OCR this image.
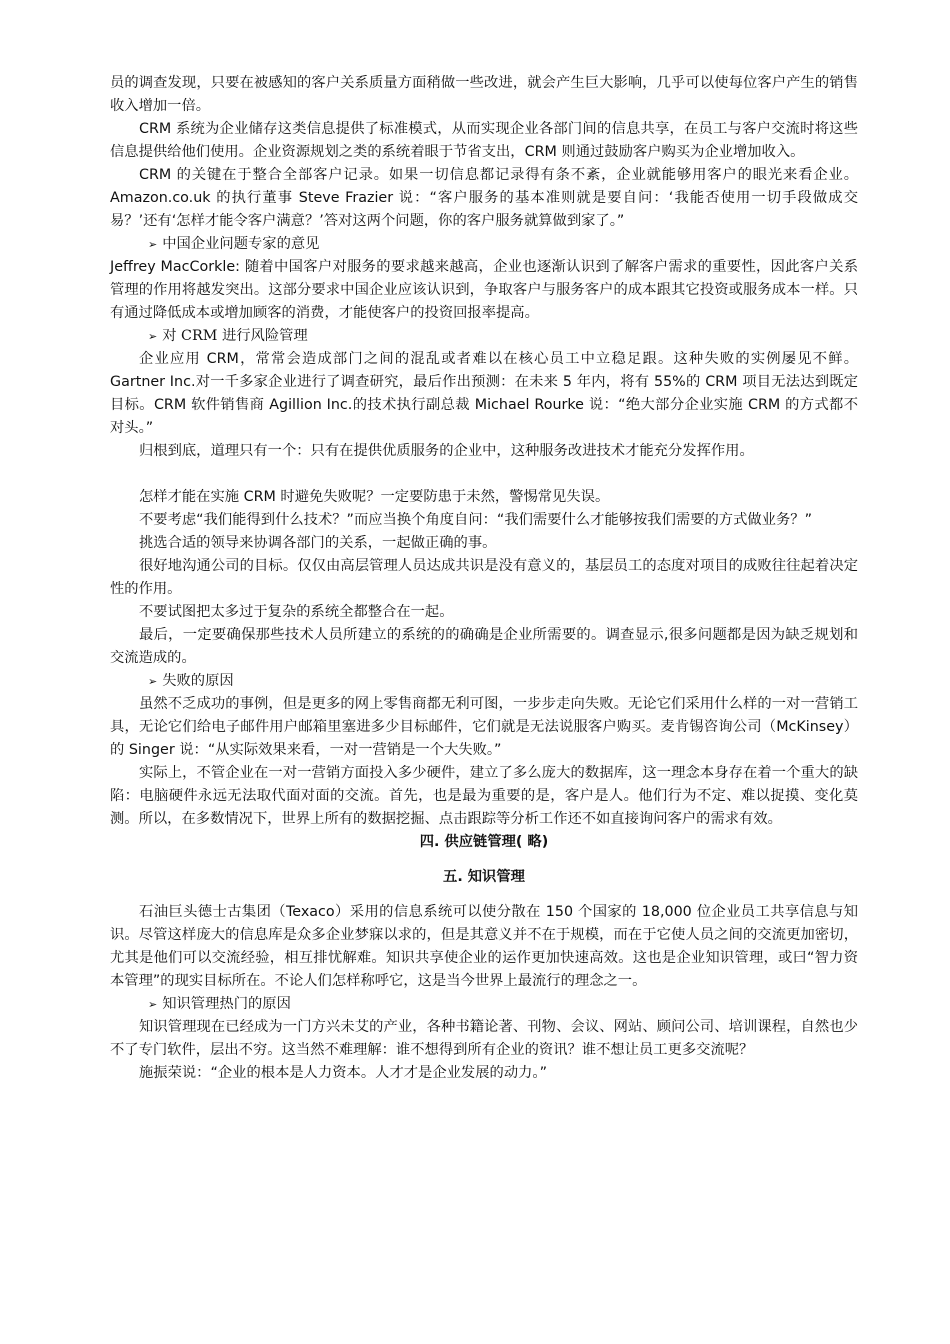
员的调查发现，只要在被感知的客户关系质量方面稍做一些改进，就会产生巨大影响，几乎可以使每位客户产生的销售收入增加一倍。

CRM 系统为企业储存这类信息提供了标准模式，从而实现企业各部门间的信息共享，在员工与客户交流时将这些信息提供给他们使用。企业资源规划之类的系统着眼于节省支出，CRM 则通过鼓励客户购买为企业增加收入。

CRM 的关键在于整合全部客户记录。如果一切信息都记录得有条不紊，企业就能够用客户的眼光来看企业。 Amazon.co.uk 的执行董事 Steve Frazier 说：“客户服务的基本准则就是要自问：‘我能否使用一切手段做成交易？’还有‘怎样才能令客户满意？’答对这两个问题，你的客户服务就算做到家了。”

➢ 中国企业问题专家的意见

Jeffrey MacCorkle: 随着中国客户对服务的要求越来越高，企业也逐渐认识到了解客户需求的重要性，因此客户关系管理的作用将越发突出。这部分要求中国企业应该认识到，争取客户与服务客户的成本跟其它投资或服务成本一样。只有通过降低成本或增加顾客的消费，才能使客户的投资回报率提高。

➢ 对 CRM 进行风险管理

企业应用 CRM，常常会造成部门之间的混乱或者难以在核心员工中立稳足跟。这种失败的实例屡见不鲜。Gartner Inc.对一千多家企业进行了调查研究，最后作出预测：在未来 5 年内，将有 55%的 CRM 项目无法达到既定目标。CRM 软件销售商 Agillion Inc.的技术执行副总裁 Michael Rourke 说：“绝大部分企业实施 CRM 的方式都不对头。”

归根到底，道理只有一个：只有在提供优质服务的企业中，这种服务改进技术才能充分发挥作用。

怎样才能在实施 CRM 时避免失败呢？一定要防患于未然，警惕常见失误。

不要考虑“我们能得到什么技术？”而应当换个角度自问：“我们需要什么才能够按我们需要的方式做业务？”

挑选合适的领导来协调各部门的关系，一起做正确的事。

很好地沟通公司的目标。仅仅由高层管理人员达成共识是没有意义的，基层员工的态度对项目的成败往往起着决定性的作用。

不要试图把太多过于复杂的系统全都整合在一起。

最后，一定要确保那些技术人员所建立的系统的的确确是企业所需要的。调查显示,很多问题都是因为缺乏规划和交流造成的。

➢ 失败的原因

虽然不乏成功的事例，但是更多的网上零售商都无利可图，一步步走向失败。无论它们采用什么样的一对一营销工具，无论它们给电子邮件用户邮箱里塞进多少目标邮件，它们就是无法说服客户购买。麦肯锡咨询公司（McKinsey）的 Singer 说：“从实际效果来看，一对一营销是一个大失败。”

实际上，不管企业在一对一营销方面投入多少硬件，建立了多么庞大的数据库，这一理念本身存在着一个重大的缺陷：电脑硬件永远无法取代面对面的交流。首先，也是最为重要的是，客户是人。他们行为不定、难以捉摸、变化莫测。所以，在多数情况下，世界上所有的数据挖掘、点击跟踪等分析工作还不如直接询问客户的需求有效。

四. 供应链管理( 略)

五. 知识管理

石油巨头德士古集团（Texaco）采用的信息系统可以使分散在 150 个国家的 18,000 位企业员工共享信息与知识。尽管这样庞大的信息库是众多企业梦寐以求的，但是其意义并不在于规模，而在于它使人员之间的交流更加密切，尤其是他们可以交流经验，相互排忧解难。知识共享使企业的运作更加快速高效。这也是企业知识管理，或曰“智力资本管理”的现实目标所在。不论人们怎样称呼它，这是当今世界上最流行的理念之一。

➢ 知识管理热门的原因

知识管理现在已经成为一门方兴未艾的产业，各种书籍论著、刊物、会议、网站、顾问公司、培训课程，自然也少不了专门软件，层出不穷。这当然不难理解：谁不想得到所有企业的资讯？谁不想让员工更多交流呢？

施振荣说：“企业的根本是人力资本。人才才是企业发展的动力。”
